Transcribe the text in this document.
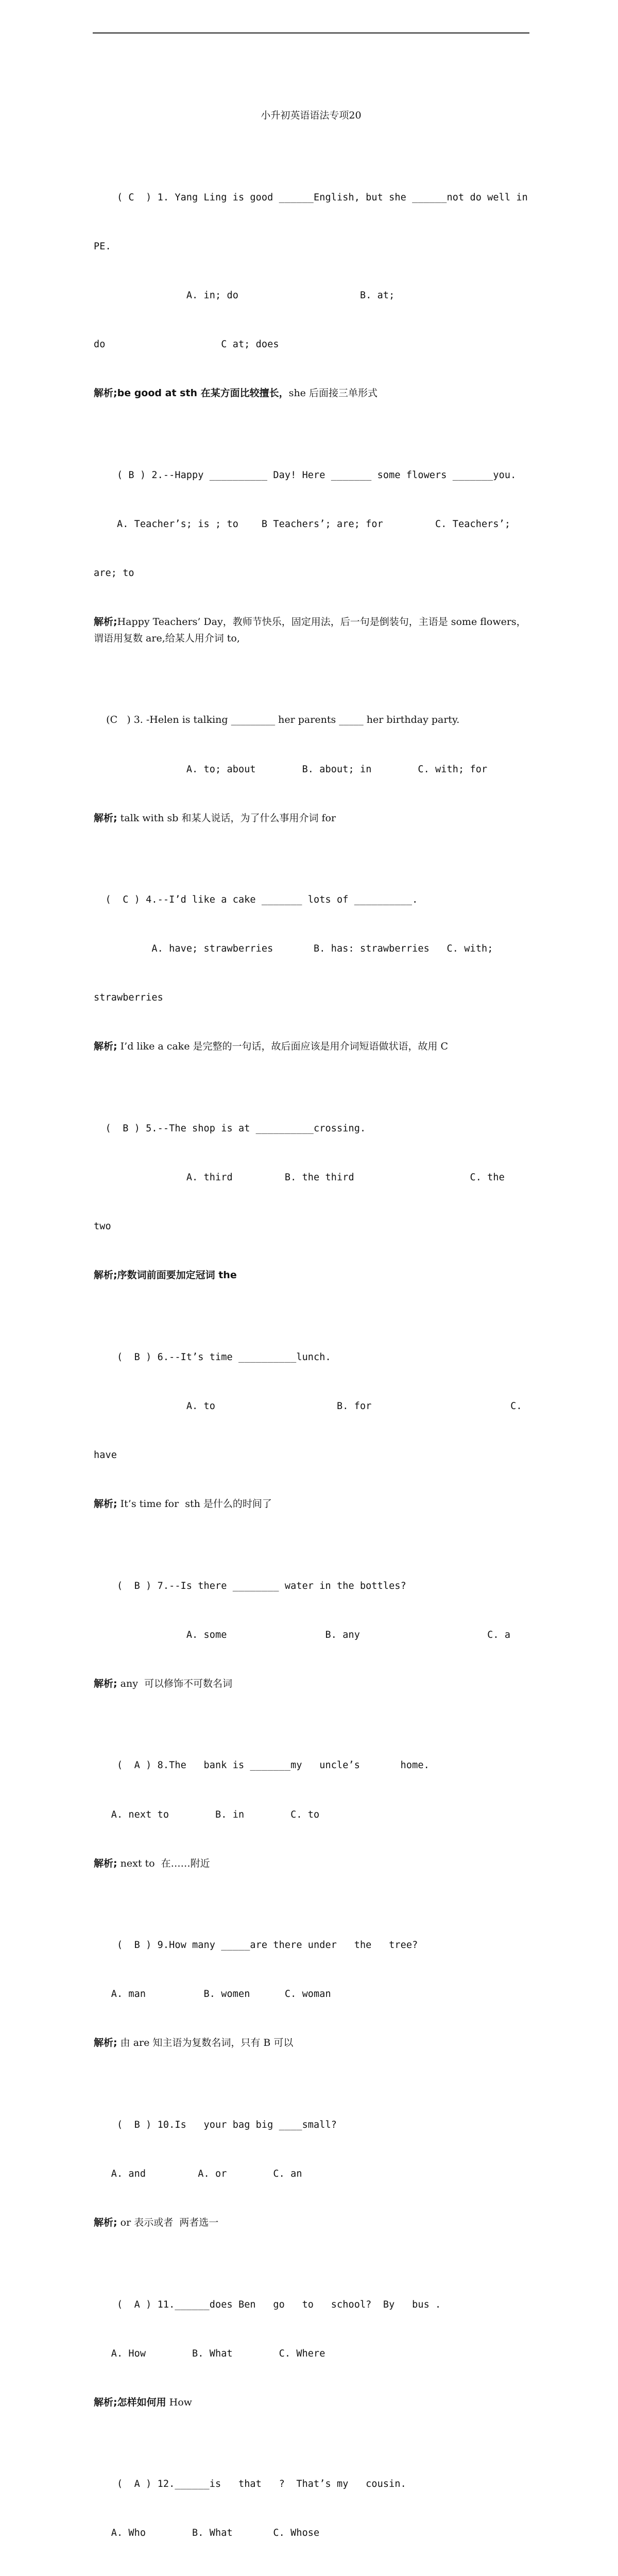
小升初英语语法专项20

( C  ) 1. Yang Ling is good ______English, but she ______not do well in

PE.

A. in; do                     B. at;

do                    C at; does

解析;be good at sth 在某方面比较擅长，she 后面接三单形式

( B ) 2.--Happy __________ Day! Here _______ some flowers _______you.

A. Teacher’s; is ; to    B Teachers’; are; for         C. Teachers’;

are; to

解析;Happy Teachers’ Day，教师节快乐，固定用法，后一句是倒装句，主语是 some flowers，谓语用复数 are,给某人用介词 to,

(C   ) 3. -Helen is talking _________ her parents _____ her birthday party.

A. to; about        B. about; in        C. with; for

解析; talk with sb 和某人说话，为了什么事用介词 for

(  C ) 4.--I’d like a cake _______ lots of __________.

A. have; strawberries       B. has: strawberries   C. with;

strawberries

解析; I’d like a cake 是完整的一句话，故后面应该是用介词短语做状语，故用 C

(  B ) 5.--The shop is at __________crossing.

A. third         B. the third                    C. the

two

解析;序数词前面要加定冠词 the

(  B ) 6.--It’s time __________lunch.

A. to                     B. for                        C.

have

解析; It’s time for  sth 是什么的时间了

(  B ) 7.--Is there ________ water in the bottles?

A. some                 B. any                      C. a

解析; any  可以修饰不可数名词

(  A ) 8.The   bank is _______my   uncle’s       home.

A. next to        B. in        C. to

解析; next to  在……附近

(  B ) 9.How many _____are there under   the   tree?

A. man          B. women      C. woman

解析; 由 are 知主语为复数名词，只有 B 可以

(  B ) 10.Is   your bag big ____small?

A. and         A. or        C. an

解析; or 表示或者  两者选一

(  A ) 11.______does Ben   go   to   school?  By   bus .

A. How        B. What        C. Where

解析;怎样如何用 How

(  A ) 12.______is   that   ?  That’s my   cousin.

A. Who        B. What       C. Whose
